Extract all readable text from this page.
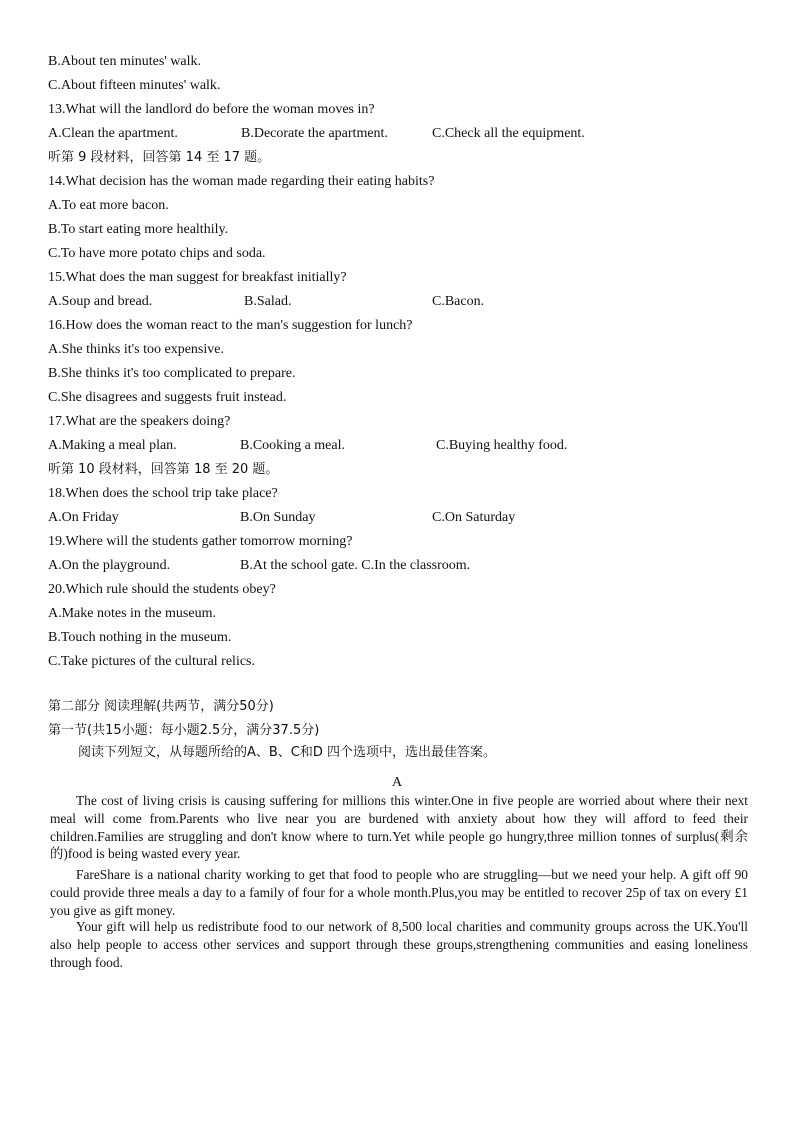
B.About ten minutes' walk.
C.About fifteen minutes' walk.
13.What will the landlord do before the woman moves in?
A.Clean the apartment.	B.Decorate the apartment.	C.Check all the equipment.
听第 9 段材料，回答第 14 至 17 题。
14.What decision has the woman made regarding their eating habits?
A.To eat more bacon.
B.To start eating more healthily.
C.To have more potato chips and soda.
15.What does the man suggest for breakfast initially?
A.Soup and bread.	B.Salad.	C.Bacon.
16.How does the woman react to the man's suggestion for lunch?
A.She thinks it's too expensive.
B.She thinks it's too complicated to prepare.
C.She disagrees and suggests fruit instead.
17.What are the speakers doing?
A.Making a meal plan.	B.Cooking a meal.	C.Buying healthy food.
听第 10 段材料，回答第 18 至 20 题。
18.When does the school trip take place?
A.On Friday	B.On Sunday	C.On Saturday
19.Where will the students gather tomorrow morning?
A.On the playground.	B.At the school gate. C.In the classroom.
20.Which rule should the students obey?
A.Make notes in the museum.
B.Touch nothing in the museum.
C.Take pictures of the cultural relics.
第二部分 阅读理解(共两节，满分50分)
第一节(共15小题：每小题2.5分，满分37.5分)
阅读下列短文，从每题所给的A、B、C和D 四个选项中，选出最佳答案。
A

The cost of living crisis is causing suffering for millions this winter.One in five people are worried about where their next meal will come from.Parents who live near you are burdened with anxiety about how they will afford to feed their children.Families are struggling and don't know where to turn.Yet while people go hungry,three million tonnes of surplus(剩余的)food is being wasted every year.

FareShare is a national charity working to get that food to people who are struggling—but we need your help. A gift off 90 could provide three meals a day to a family of four for a whole month.Plus,you may be entitled to recover 25p of tax on every £1 you give as gift money.

Your gift will help us redistribute food to our network of 8,500 local charities and community groups across the UK.You'll also help people to access other services and support through these groups,strengthening communities and easing loneliness through food.
